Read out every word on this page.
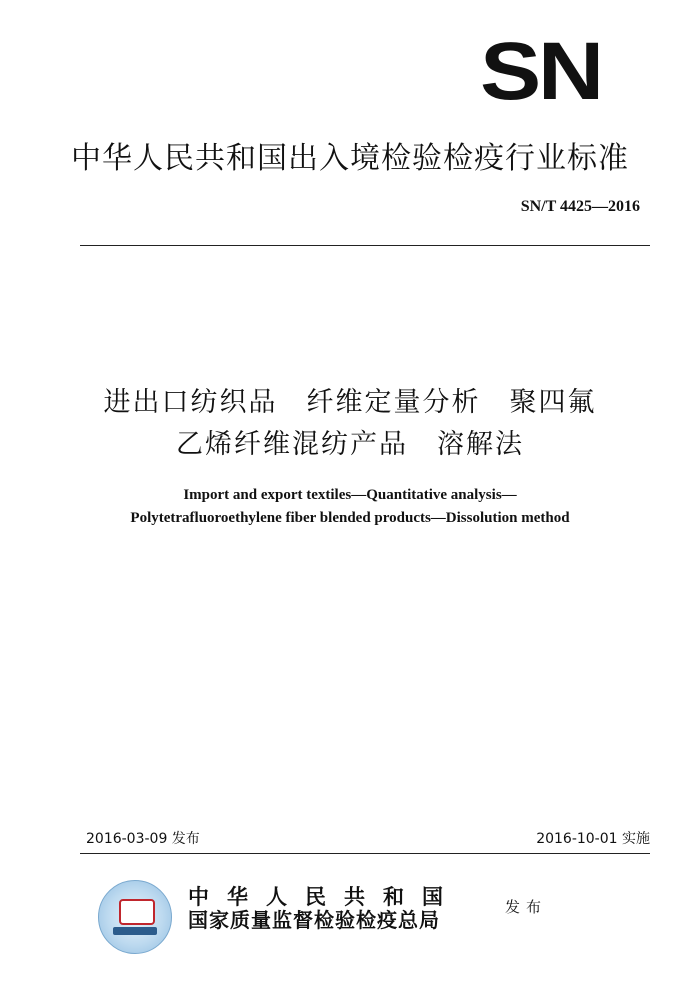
SN
中华人民共和国出入境检验检疫行业标准
SN/T 4425—2016
进出口纺织品　纤维定量分析　聚四氟
乙烯纤维混纺产品　溶解法
Import and export textiles—Quantitative analysis—
Polytetrafluoroethylene fiber blended products—Dissolution method
2016-03-09 发布	2016-10-01 实施
中华人民共和国
国家质量监督检验检疫总局
发布
